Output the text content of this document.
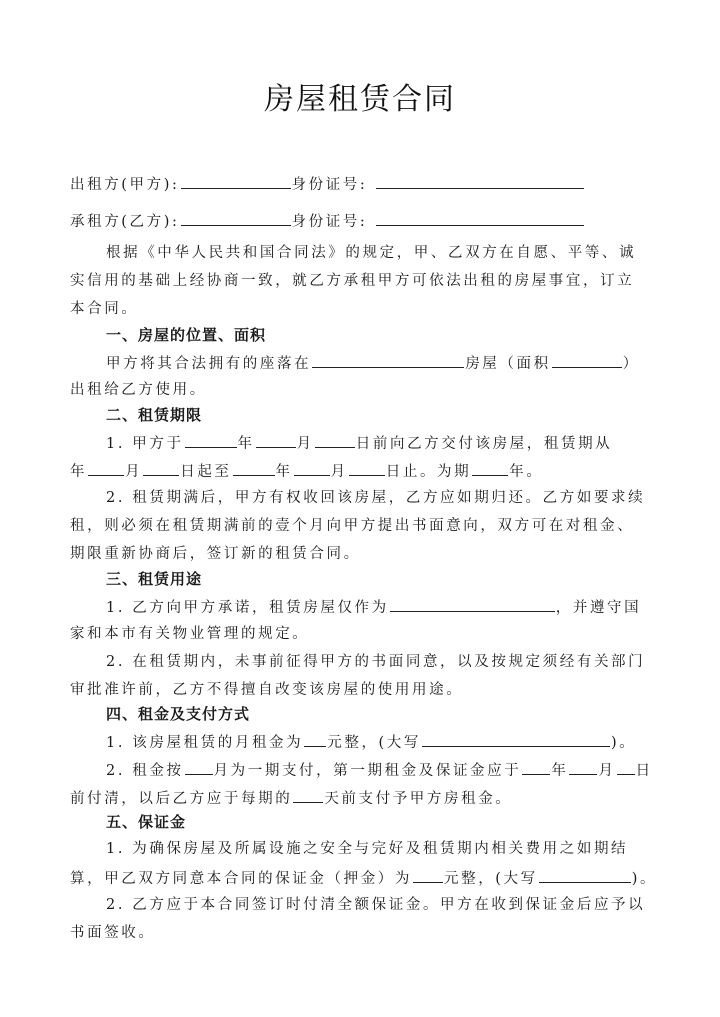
房屋租赁合同
出租方(甲方):	身份证号:
承租方(乙方):	身份证号:
根据《中华人民共和国合同法》的规定，甲、乙双方在自愿、平等、诚
实信用的基础上经协商一致，就乙方承租甲方可依法出租的房屋事宜，订立
本合同。
一、房屋的位置、面积
甲方将其合法拥有的座落在	房屋（面积	）
出租给乙方使用。
二、租赁期限
1. 甲方于	年	月	日前向乙方交付该房屋，租赁期从
年	月	日起至	年	月	日止。为期	年。
2. 租赁期满后，甲方有权收回该房屋，乙方应如期归还。乙方如要求续
租，则必须在租赁期满前的壹个月向甲方提出书面意向，双方可在对租金、
期限重新协商后，签订新的租赁合同。
三、租赁用途
1. 乙方向甲方承诺，租赁房屋仅作为	，并遵守国
家和本市有关物业管理的规定。
2. 在租赁期内，未事前征得甲方的书面同意，以及按规定须经有关部门
审批准许前，乙方不得擅自改变该房屋的使用用途。
四、租金及支付方式
1. 该房屋租赁的月租金为 元整，(大写	)。
2. 租金按 月为一期支付，第一期租金及保证金应于 年 月 日
前付清，以后乙方应于每期的 天前支付予甲方房租金。
五、保证金
1. 为确保房屋及所属设施之安全与完好及租赁期内相关费用之如期结
算，甲乙双方同意本合同的保证金（押金）为 元整，(大写	)。
2. 乙方应于本合同签订时付清全额保证金。甲方在收到保证金后应予以
书面签收。
